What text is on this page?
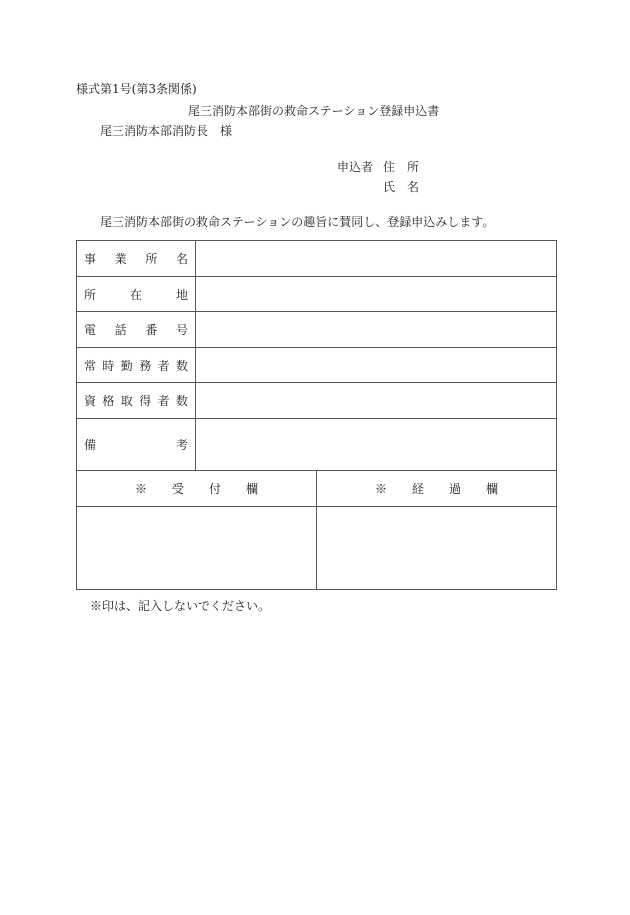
様式第1号(第3条関係)
尾三消防本部街の救命ステーション登録申込書
尾三消防本部消防長　様
申込者 住　所
氏　名
尾三消防本部街の救命ステーションの趣旨に賛同し、登録申込みします。
事業所名		
所在地		
電話番号		
常時勤務者数		
資格取得者数		
備考		
※受付欄		※経過欄

※印は、記入しないでください。
